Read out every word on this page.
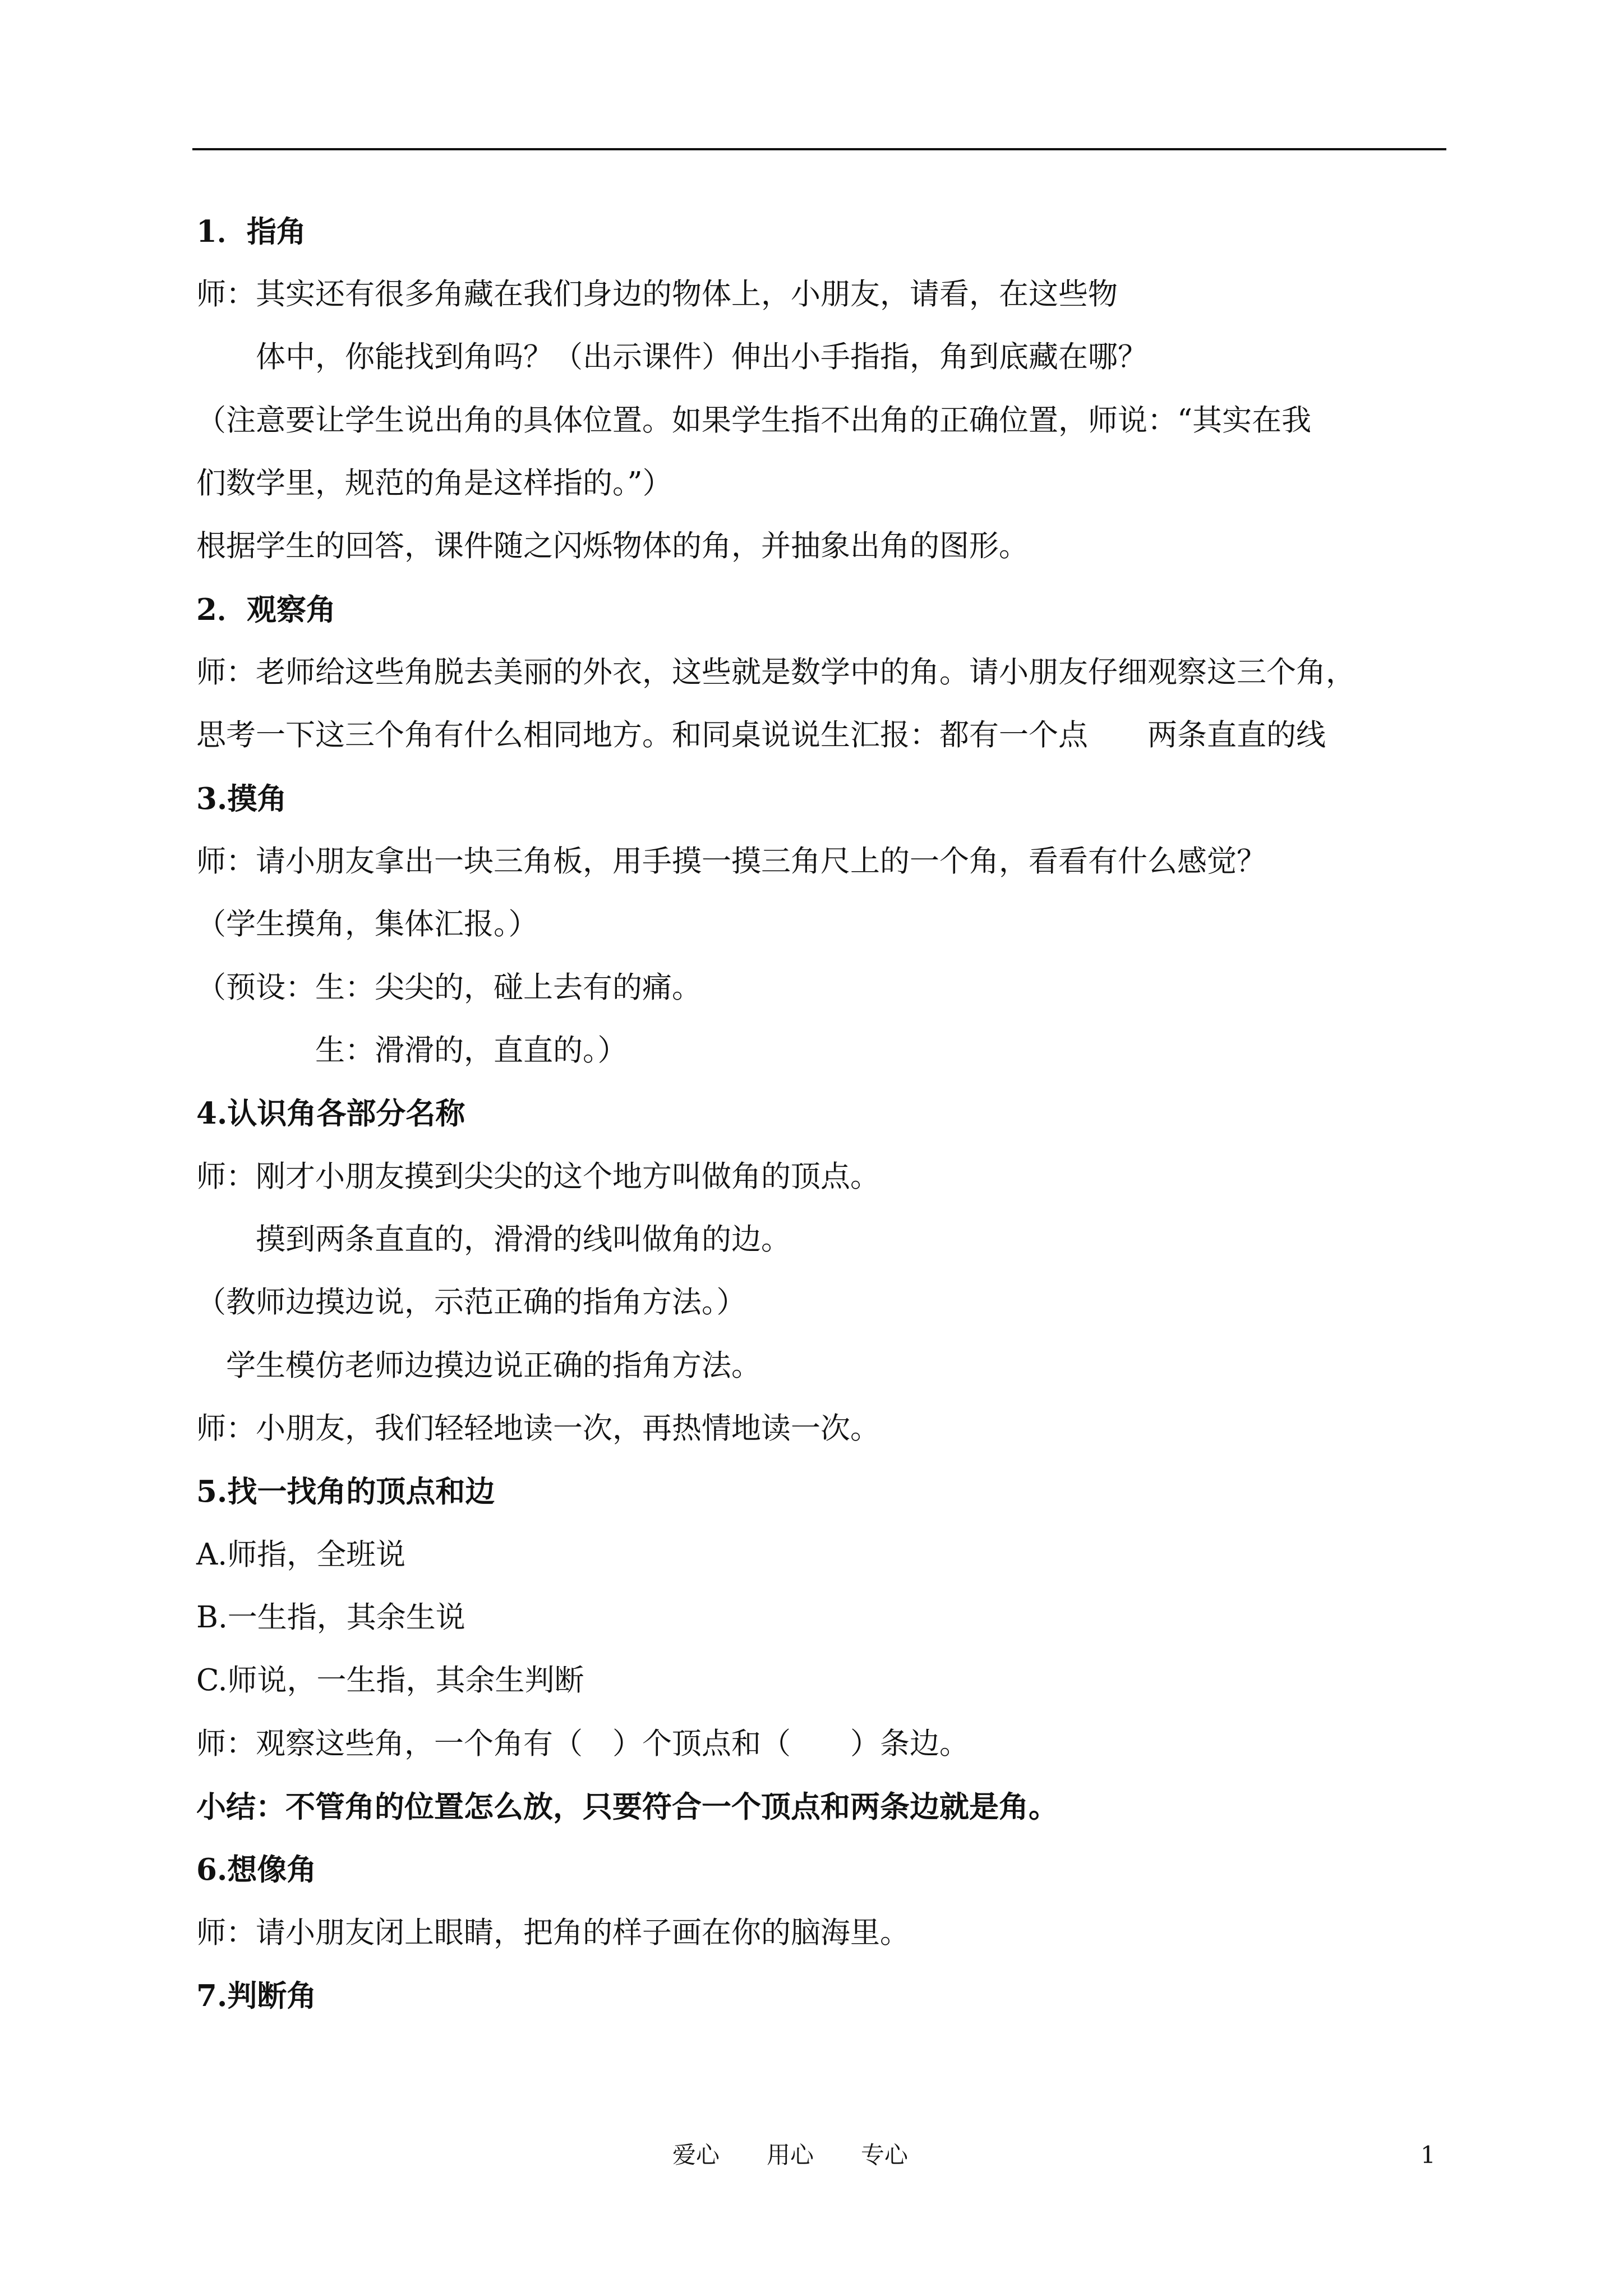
1．指角

师：其实还有很多角藏在我们身边的物体上，小朋友，请看，在这些物

　　体中，你能找到角吗？（出示课件）伸出小手指指，角到底藏在哪？

（注意要让学生说出角的具体位置。如果学生指不出角的正确位置，师说：“其实在我

们数学里，规范的角是这样指的。”）

根据学生的回答，课件随之闪烁物体的角，并抽象出角的图形。

2．观察角

师：老师给这些角脱去美丽的外衣，这些就是数学中的角。请小朋友仔细观察这三个角，

思考一下这三个角有什么相同地方。和同桌说说生汇报：都有一个点　　两条直直的线

3.摸角

师：请小朋友拿出一块三角板，用手摸一摸三角尺上的一个角，看看有什么感觉？

（学生摸角，集体汇报。）

（预设：生：尖尖的，碰上去有的痛。

　　　　生：滑滑的，直直的。）

4.认识角各部分名称

师：刚才小朋友摸到尖尖的这个地方叫做角的顶点。

　　摸到两条直直的，滑滑的线叫做角的边。

（教师边摸边说，示范正确的指角方法。）

　学生模仿老师边摸边说正确的指角方法。

师：小朋友，我们轻轻地读一次，再热情地读一次。

5.找一找角的顶点和边

A.师指，全班说

B.一生指，其余生说

C.师说，一生指，其余生判断

师：观察这些角，一个角有（　）个顶点和（　　）条边。

小结：不管角的位置怎么放，只要符合一个顶点和两条边就是角。

6.想像角

师：请小朋友闭上眼睛，把角的样子画在你的脑海里。

7.判断角

爱心　　用心　　专心	1
